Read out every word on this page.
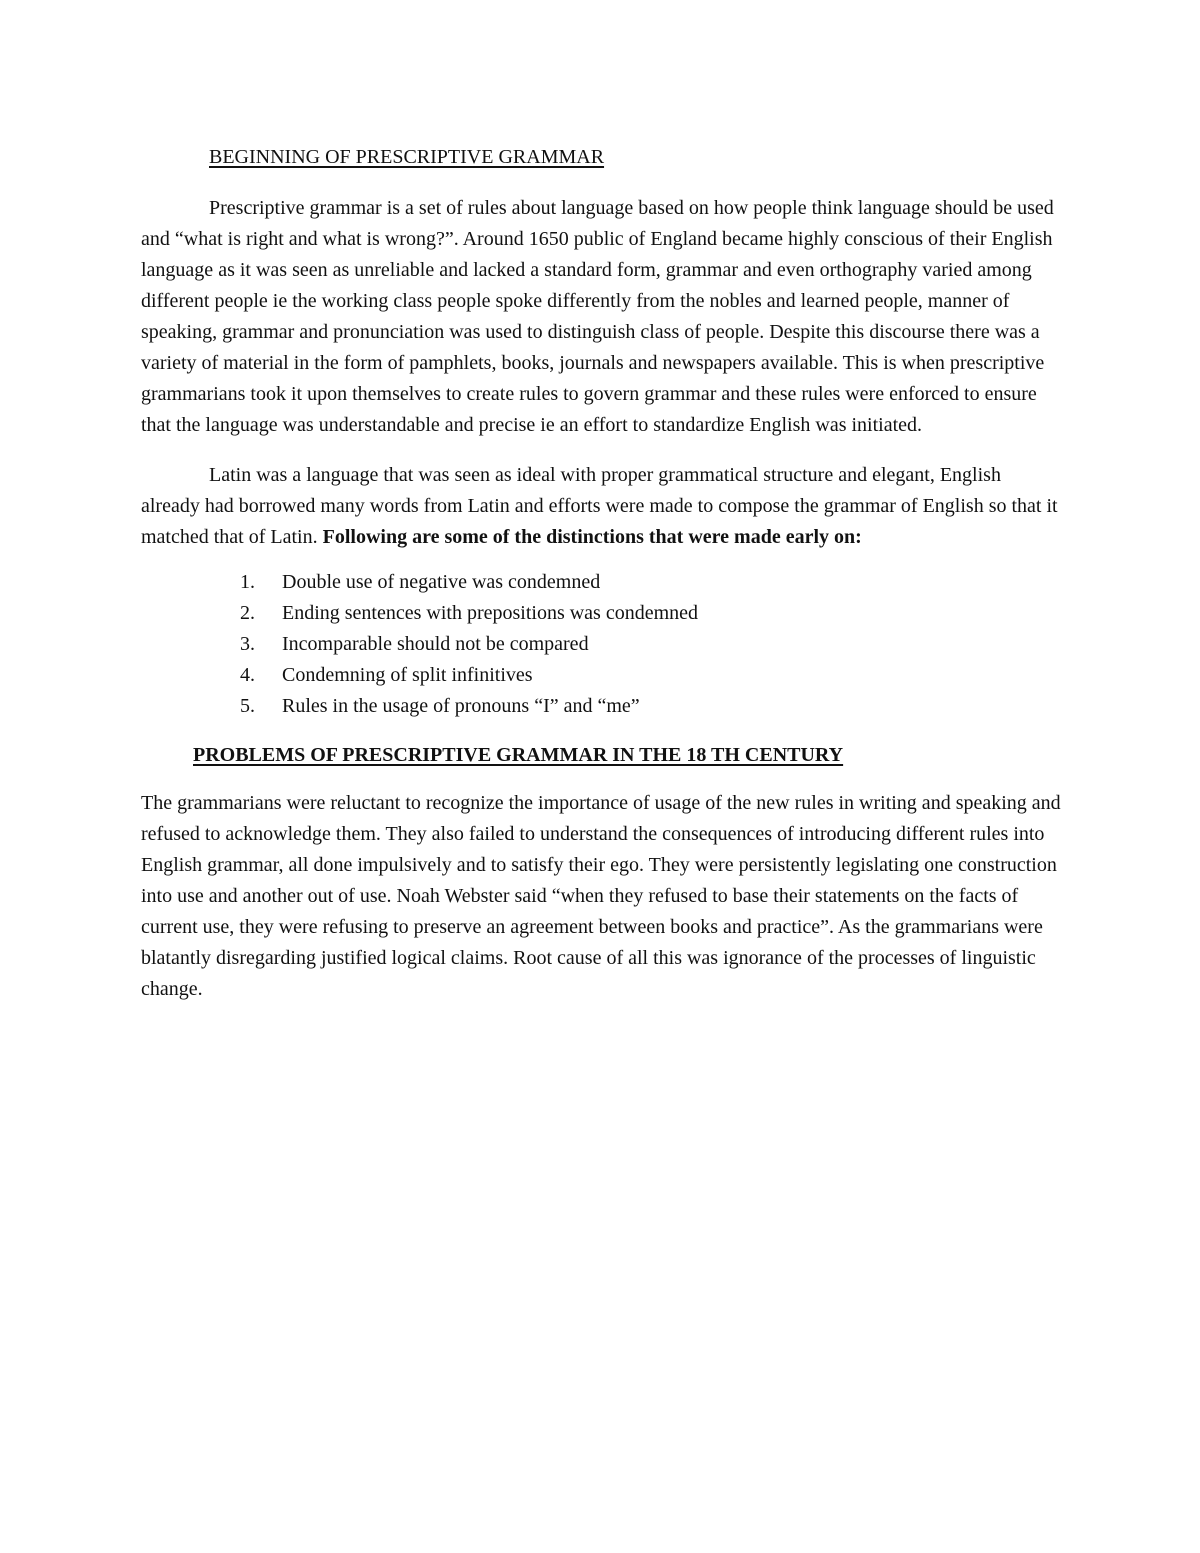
BEGINNING OF PRESCRIPTIVE GRAMMAR

Prescriptive grammar is a set of rules about language based on how people think language should be used and “what is right and what is wrong?”. Around 1650 public of England became highly conscious of their English language as it was seen as unreliable and lacked a standard form, grammar and even orthography varied among different people ie the working class people spoke differently from the nobles and learned people, manner of speaking, grammar and pronunciation was used to distinguish class of people. Despite this discourse there was a variety of material in the form of pamphlets, books, journals and newspapers available. This is when prescriptive grammarians took it upon themselves to create rules to govern grammar and these rules were enforced to ensure that the language was understandable and precise ie an effort to standardize English was initiated.

Latin was a language that was seen as ideal with proper grammatical structure and elegant, English already had borrowed many words from Latin and efforts were made to compose the grammar of English so that it matched that of Latin. Following are some of the distinctions that were made early on:

1.	Double use of negative was condemned
2.	Ending sentences with prepositions was condemned
3.	Incomparable should not be compared
4.	Condemning of split infinitives
5.	Rules in the usage of pronouns “I” and “me”
PROBLEMS OF PRESCRIPTIVE GRAMMAR IN THE 18 TH CENTURY

The grammarians were reluctant to recognize the importance of usage of the new rules in writing and speaking and refused to acknowledge them. They also failed to understand the consequences of introducing different rules into English grammar, all done impulsively and to satisfy their ego. They were persistently legislating one construction into use and another out of use. Noah Webster said “when they refused to base their statements on the facts of current use, they were refusing to preserve an agreement between books and practice”. As the grammarians were blatantly disregarding justified logical claims. Root cause of all this was ignorance of the processes of linguistic change.
